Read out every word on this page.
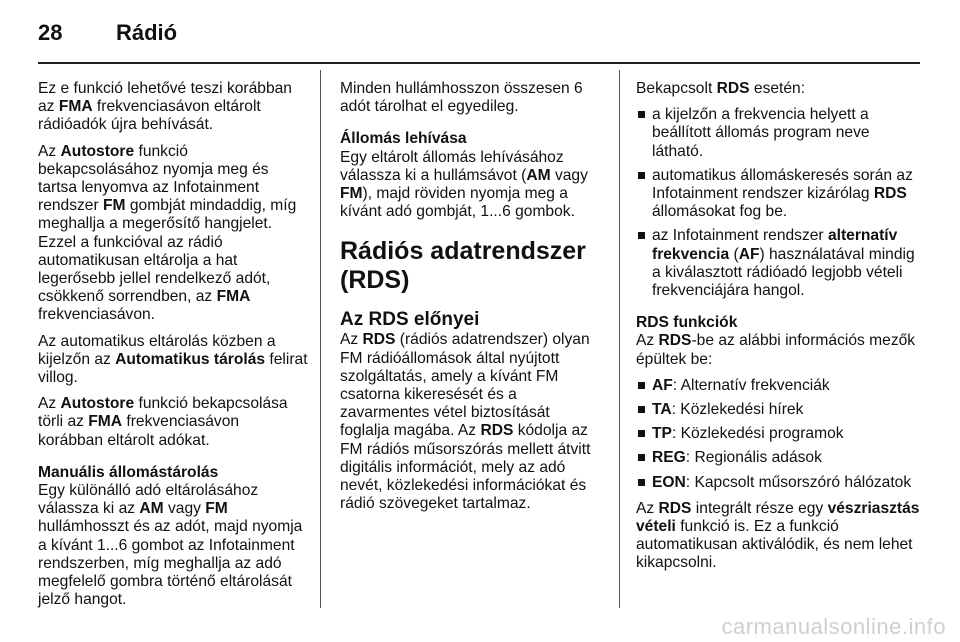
28 Rádió

Ez e funkció lehetővé teszi korábban az FMA frekvenciasávon eltárolt rádióadók újra behívását.

Az Autostore funkció bekapcsolásához nyomja meg és tartsa lenyomva az Infotainment rendszer FM gombját mindaddig, míg meghallja a megerősítő hangjelet. Ezzel a funkcióval az rádió automatikusan eltárolja a hat legerősebb jellel rendelkező adót, csökkenő sorrendben, az FMA frekvenciasávon.

Az automatikus eltárolás közben a kijelzőn az Automatikus tárolás felirat villog.

Az Autostore funkció bekapcsolása törli az FMA frekvenciasávon korábban eltárolt adókat.

Manuális állomástárolás

Egy különálló adó eltárolásához válassza ki az AM vagy FM hullámhosszt és az adót, majd nyomja a kívánt 1...6 gombot az Infotainment rendszerben, míg meghallja az adó megfelelő gombra történő eltárolását jelző hangot.

Minden hullámhosszon összesen 6 adót tárolhat el egyedileg.

Állomás lehívása

Egy eltárolt állomás lehívásához válassza ki a hullámsávot (AM vagy FM), majd röviden nyomja meg a kívánt adó gombját, 1...6 gombok.

Rádiós adatrendszer (RDS)
Az RDS előnyei

Az RDS (rádiós adatrendszer) olyan FM rádióállomások által nyújtott szolgáltatás, amely a kívánt FM csatorna kikeresését és a zavarmentes vétel biztosítását foglalja magába. Az RDS kódolja az FM rádiós műsorszórás mellett átvitt digitális információt, mely az adó nevét, közlekedési információkat és rádió szövegeket tartalmaz.

Bekapcsolt RDS esetén:

a kijelzőn a frekvencia helyett a beállított állomás program neve látható.
automatikus állomáskeresés során az Infotainment rendszer kizárólag RDS állomásokat fog be.
az Infotainment rendszer alternatív frekvencia (AF) használatával mindig a kiválasztott rádióadó legjobb vételi frekvenciájára hangol.

RDS funkciók

Az RDS-be az alábbi információs mezők épültek be:

AF: Alternatív frekvenciák
TA: Közlekedési hírek
TP: Közlekedési programok
REG: Regionális adások
EON: Kapcsolt műsorszóró hálózatok

Az RDS integrált része egy vészriasztás vételi funkció is. Ez a funkció automatikusan aktiválódik, és nem lehet kikapcsolni.

carmanualsonline.info
